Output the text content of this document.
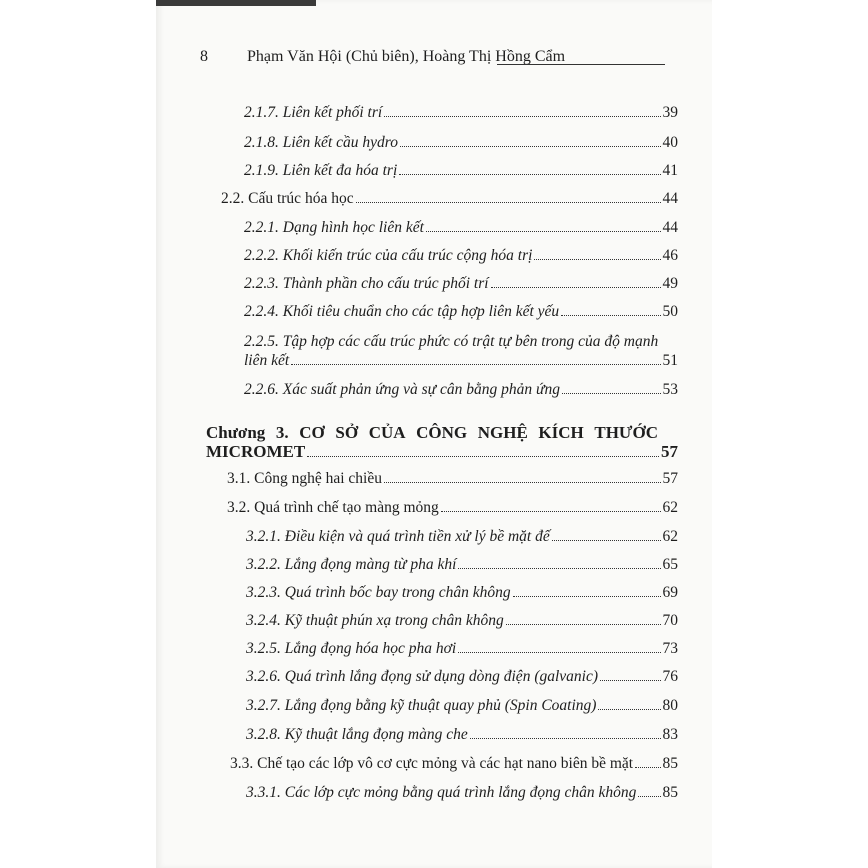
8 Phạm Văn Hội (Chủ biên), Hoàng Thị Hồng Cẩm
2.1.7. Liên kết phối trí	39
2.1.8. Liên kết cầu hydro	40
2.1.9. Liên kết đa hóa trị	41
2.2. Cấu trúc hóa học	44
2.2.1. Dạng hình học liên kết	44
2.2.2. Khối kiến trúc của cấu trúc cộng hóa trị	46
2.2.3. Thành phần cho cấu trúc phối trí	49
2.2.4. Khối tiêu chuẩn cho các tập hợp liên kết yếu	50
2.2.5. Tập hợp các cấu trúc phức có trật tự bên trong của độ mạnh
liên kết	51
2.2.6. Xác suất phản ứng và sự cân bằng phản ứng	53
Chương 3. CƠ SỞ CỦA CÔNG NGHỆ KÍCH THƯỚC
MICROMET	57
3.1. Công nghệ hai chiều	57
3.2. Quá trình chế tạo màng mỏng	62
3.2.1. Điều kiện và quá trình tiền xử lý bề mặt đế	62
3.2.2. Lắng đọng màng từ pha khí	65
3.2.3. Quá trình bốc bay trong chân không	69
3.2.4. Kỹ thuật phún xạ trong chân không	70
3.2.5. Lắng đọng hóa học pha hơi	73
3.2.6. Quá trình lắng đọng sử dụng dòng điện (galvanic)	76
3.2.7. Lắng đọng bằng kỹ thuật quay phủ (Spin Coating)	80
3.2.8. Kỹ thuật lắng đọng màng che	83
3.3. Chế tạo các lớp vô cơ cực mỏng và các hạt nano biên bề mặt 85
3.3.1. Các lớp cực mỏng bằng quá trình lắng đọng chân không 85
